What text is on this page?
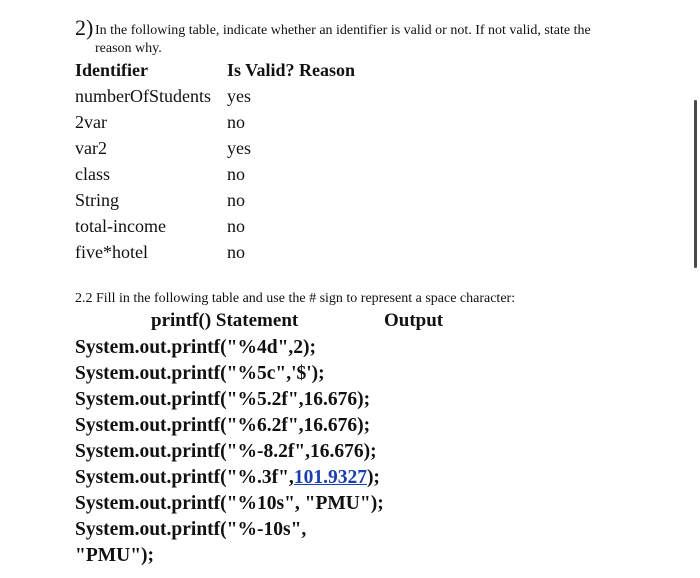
2) In the following table, indicate whether an identifier is valid or not. If not valid, state the
reason why.
Identifier	Is Valid? Reason
numberOfStudents yes
2var	no
var2	yes
class	no
String	no
total-income	no
five*hotel	no
2.2 Fill in the following table and use the # sign to represent a space character:
printf() Statement	Output
System.out.printf("%4d",2);
System.out.printf("%5c",'$');
System.out.printf("%5.2f",16.676);
System.out.printf("%6.2f",16.676);
System.out.printf("%-8.2f",16.676);
System.out.printf("%.3f",101.9327);
System.out.printf("%10s", "PMU");
System.out.printf("%-10s",
"PMU");
